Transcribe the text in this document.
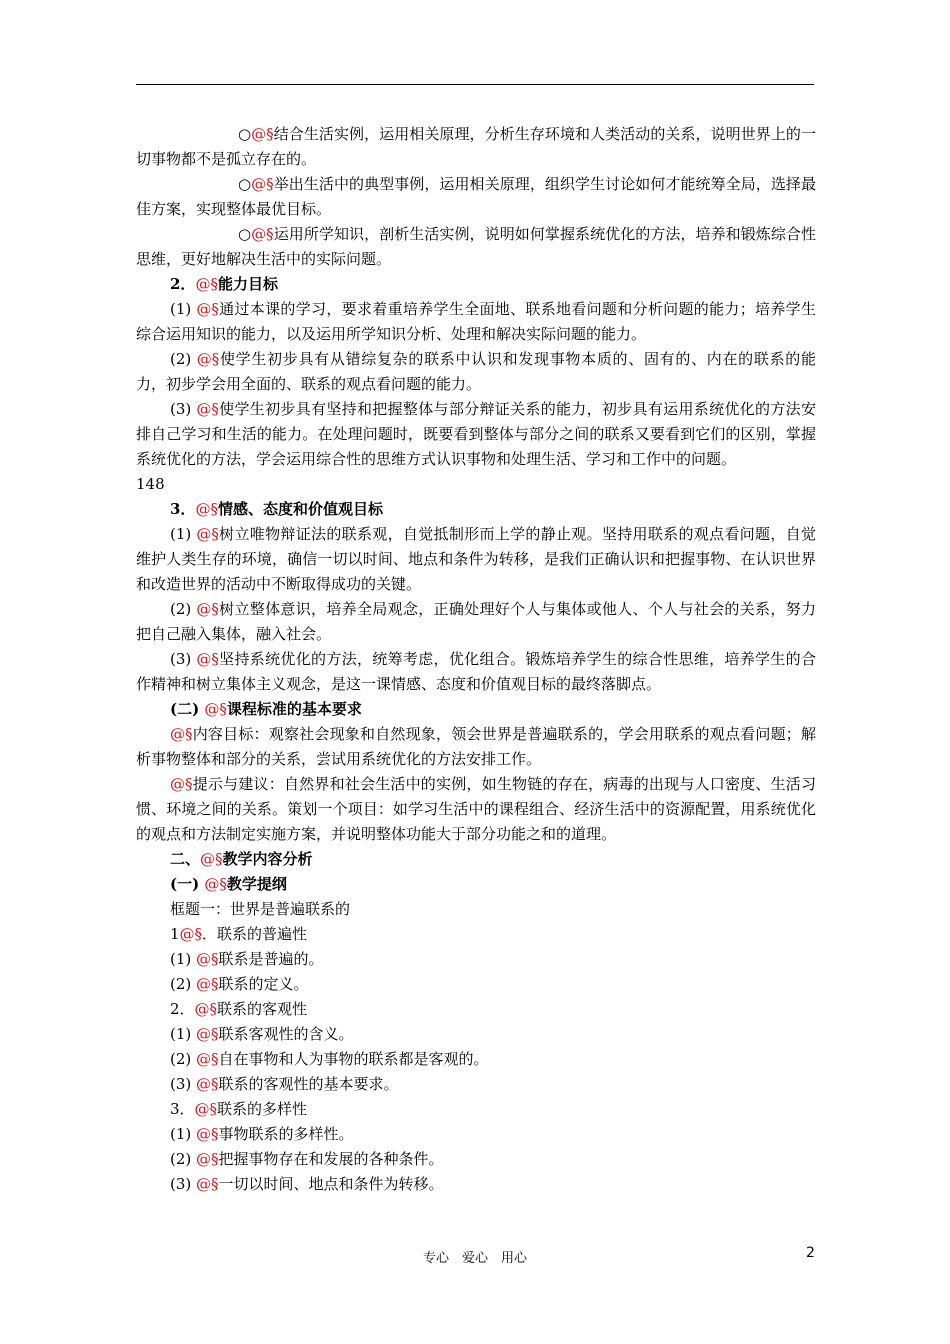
○@§结合生活实例，运用相关原理，分析生存环境和人类活动的关系，说明世界上的一切事物都不是孤立存在的。

○@§举出生活中的典型事例，运用相关原理，组织学生讨论如何才能统筹全局，选择最佳方案，实现整体最优目标。

○@§运用所学知识，剖析生活实例，说明如何掌握系统优化的方法，培养和锻炼综合性思维，更好地解决生活中的实际问题。

2．@§能力目标

(1) @§通过本课的学习，要求着重培养学生全面地、联系地看问题和分析问题的能力；培养学生综合运用知识的能力，以及运用所学知识分析、处理和解决实际问题的能力。

(2) @§使学生初步具有从错综复杂的联系中认识和发现事物本质的、固有的、内在的联系的能力，初步学会用全面的、联系的观点看问题的能力。

(3) @§使学生初步具有坚持和把握整体与部分辩证关系的能力，初步具有运用系统优化的方法安排自己学习和生活的能力。在处理问题时，既要看到整体与部分之间的联系又要看到它们的区别，掌握系统优化的方法，学会运用综合性的思维方式认识事物和处理生活、学习和工作中的问题。

148

3．@§情感、态度和价值观目标

(1) @§树立唯物辩证法的联系观，自觉抵制形而上学的静止观。坚持用联系的观点看问题，自觉维护人类生存的环境，确信一切以时间、地点和条件为转移，是我们正确认识和把握事物、在认识世界和改造世界的活动中不断取得成功的关键。

(2) @§树立整体意识，培养全局观念，正确处理好个人与集体或他人、个人与社会的关系，努力把自己融入集体，融入社会。

(3) @§坚持系统优化的方法，统筹考虑，优化组合。锻炼培养学生的综合性思维，培养学生的合作精神和树立集体主义观念，是这一课情感、态度和价值观目标的最终落脚点。

(二) @§课程标准的基本要求

@§内容目标：观察社会现象和自然现象，领会世界是普遍联系的，学会用联系的观点看问题；解析事物整体和部分的关系，尝试用系统优化的方法安排工作。

@§提示与建议：自然界和社会生活中的实例，如生物链的存在，病毒的出现与人口密度、生活习惯、环境之间的关系。策划一个项目：如学习生活中的课程组合、经济生活中的资源配置，用系统优化的观点和方法制定实施方案，并说明整体功能大于部分功能之和的道理。

二、@§教学内容分析

(一) @§教学提纲

框题一：世界是普遍联系的

1@§．联系的普遍性

(1) @§联系是普遍的。

(2) @§联系的定义。

2．@§联系的客观性

(1) @§联系客观性的含义。

(2) @§自在事物和人为事物的联系都是客观的。

(3) @§联系的客观性的基本要求。

3．@§联系的多样性

(1) @§事物联系的多样性。

(2) @§把握事物存在和发展的各种条件。

(3) @§一切以时间、地点和条件为转移。

专心　爱心　用心	2
